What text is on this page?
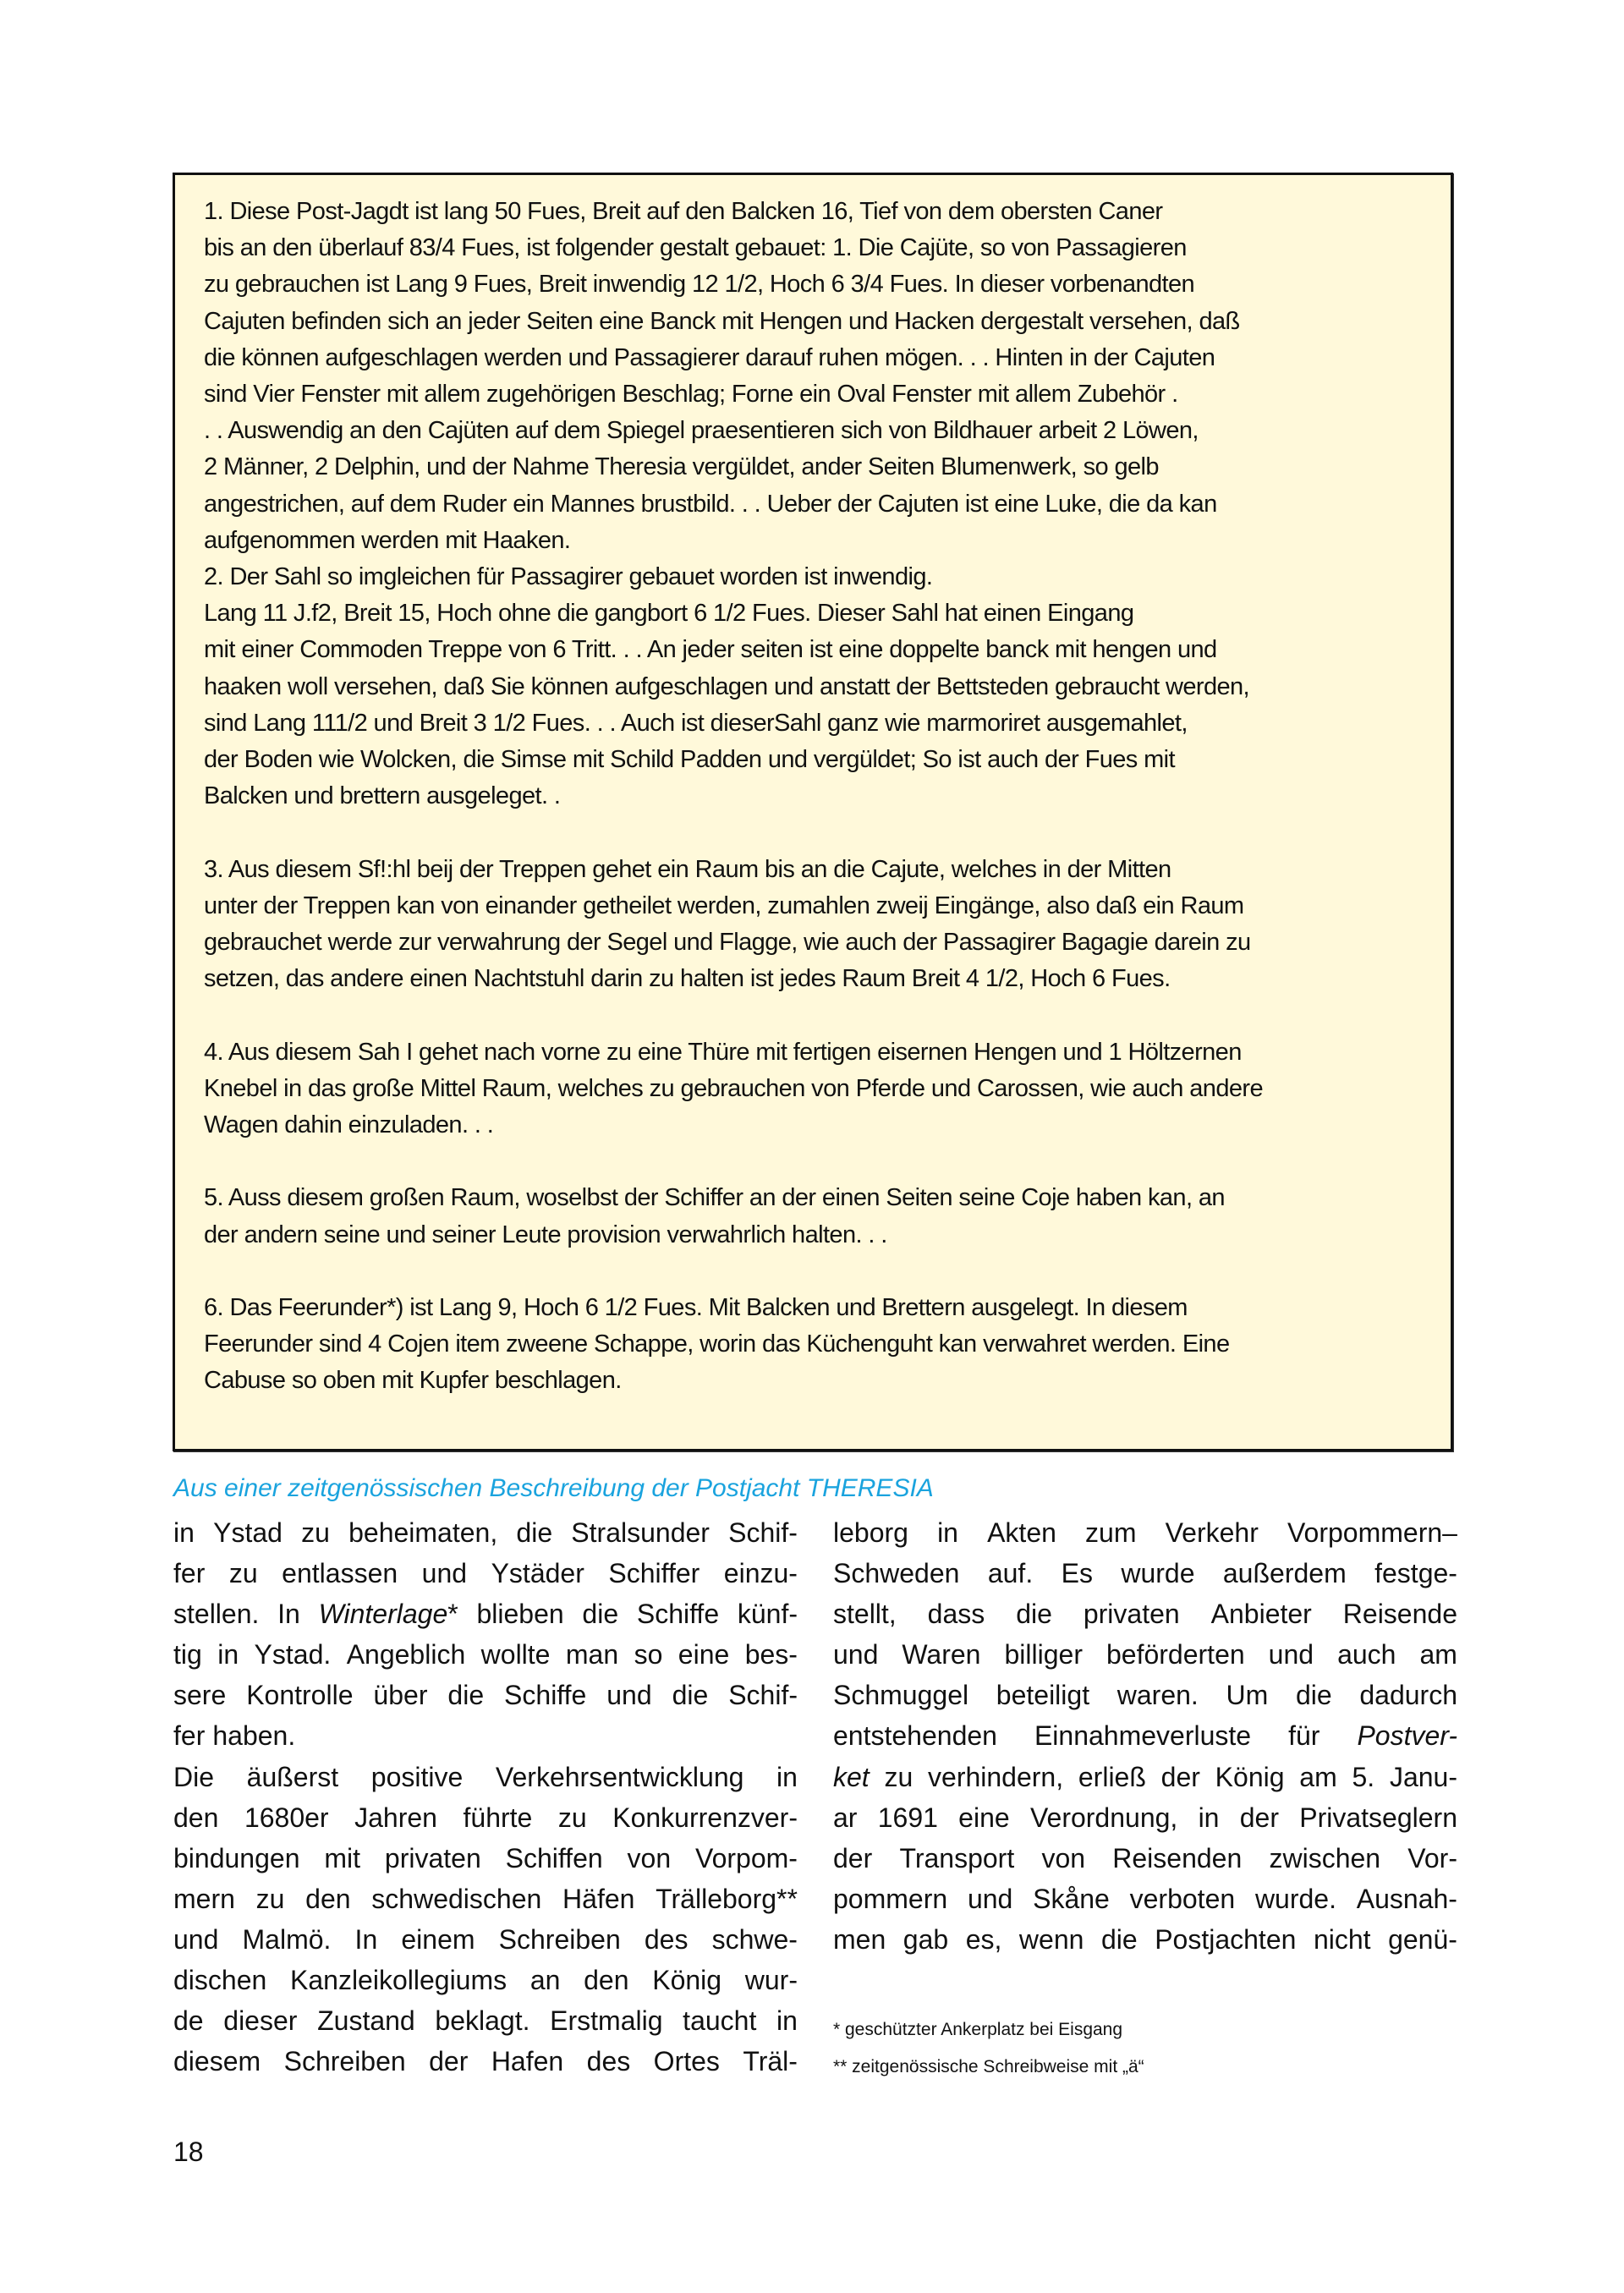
1. Diese Post-Jagdt ist lang 50 Fues, Breit auf den Balcken 16, Tief von dem obersten Caner
bis an den überlauf 83/4 Fues, ist folgender gestalt gebauet: 1. Die Cajüte, so von Passagieren
zu gebrauchen ist Lang 9 Fues, Breit inwendig 12 1/2, Hoch 6 3/4 Fues. In dieser vorbenandten
Cajuten befinden sich an jeder Seiten eine Banck mit Hengen und Hacken dergestalt versehen, daß
die können aufgeschlagen werden und Passagierer darauf ruhen mögen. . . Hinten in der Cajuten
sind Vier Fenster mit allem zugehörigen Beschlag; Forne ein Oval Fenster mit allem Zubehör .
. . Auswendig an den Cajüten auf dem Spiegel praesentieren sich von Bildhauer arbeit 2 Löwen,
2 Männer, 2 Delphin, und der Nahme Theresia vergüldet, ander Seiten Blumenwerk, so gelb
angestrichen, auf dem Ruder ein Mannes brustbild. . . Ueber der Cajuten ist eine Luke, die da kan
aufgenommen werden mit Haaken.
2. Der Sahl so imgleichen für Passagirer gebauet worden ist inwendig.
Lang 11 J.f2, Breit 15, Hoch ohne die gangbort 6 1/2 Fues. Dieser Sahl hat einen Eingang
mit einer Commoden Treppe von 6 Tritt. . . An jeder seiten ist eine doppelte banck mit hengen und
haaken woll versehen, daß Sie können aufgeschlagen und anstatt der Bettsteden gebraucht werden,
sind Lang 111/2 und Breit 3 1/2 Fues. . . Auch ist dieserSahl ganz wie marmoriret ausgemahlet,
der Boden wie Wolcken, die Simse mit Schild Padden und vergüldet; So ist auch der Fues mit
Balcken und brettern ausgeleget. .
3. Aus diesem Sf!:hl beij der Treppen gehet ein Raum bis an die Cajute, welches in der Mitten
unter der Treppen kan von einander getheilet werden, zumahlen zweij Eingänge, also daß ein Raum
gebrauchet werde zur verwahrung der Segel und Flagge, wie auch der Passagirer Bagagie darein zu
setzen, das andere einen Nachtstuhl darin zu halten ist jedes Raum Breit 4 1/2, Hoch 6 Fues.
4. Aus diesem Sah I gehet nach vorne zu eine Thüre mit fertigen eisernen Hengen und 1 Höltzernen
Knebel in das große Mittel Raum, welches zu gebrauchen von Pferde und Carossen, wie auch andere
Wagen dahin einzuladen. . .
5. Auss diesem großen Raum, woselbst der Schiffer an der einen Seiten seine Coje haben kan, an
der andern seine und seiner Leute provision verwahrlich halten. . .
6. Das Feerunder*) ist Lang 9, Hoch 6 1/2 Fues. Mit Balcken und Brettern ausgelegt. In diesem
Feerunder sind 4 Cojen item zweene Schappe, worin das Küchenguht kan verwahret werden. Eine
Cabuse so oben mit Kupfer beschlagen.
Aus einer zeitgenössischen Beschreibung der Postjacht THERESIA
in Ystad zu beheimaten, die Stralsunder Schif-
fer zu entlassen und Ystäder Schiffer einzu-
stellen. In Winterlage* blieben die Schiffe künf-
tig in Ystad. Angeblich wollte man so eine bes-
sere Kontrolle über die Schiffe und die Schif-
fer haben.
Die äußerst positive Verkehrsentwicklung in
den 1680er Jahren führte zu Konkurrenzver-
bindungen mit privaten Schiffen von Vorpom-
mern zu den schwedischen Häfen Trälleborg**
und Malmö. In einem Schreiben des schwe-
dischen Kanzleikollegiums an den König wur-
de dieser Zustand beklagt. Erstmalig taucht in
diesem Schreiben der Hafen des Ortes Träl-
leborg in Akten zum Verkehr Vorpommern–
Schweden auf. Es wurde außerdem festge-
stellt, dass die privaten Anbieter Reisende
und Waren billiger beförderten und auch am
Schmuggel beteiligt waren. Um die dadurch
entstehenden Einnahmeverluste für Postver-
ket zu verhindern, erließ der König am 5. Janu-
ar 1691 eine Verordnung, in der Privatseglern
der Transport von Reisenden zwischen Vor-
pommern und Skåne verboten wurde. Ausnah-
men gab es, wenn die Postjachten nicht genü-
* geschützter Ankerplatz bei Eisgang
** zeitgenössische Schreibweise mit „ä“
18
